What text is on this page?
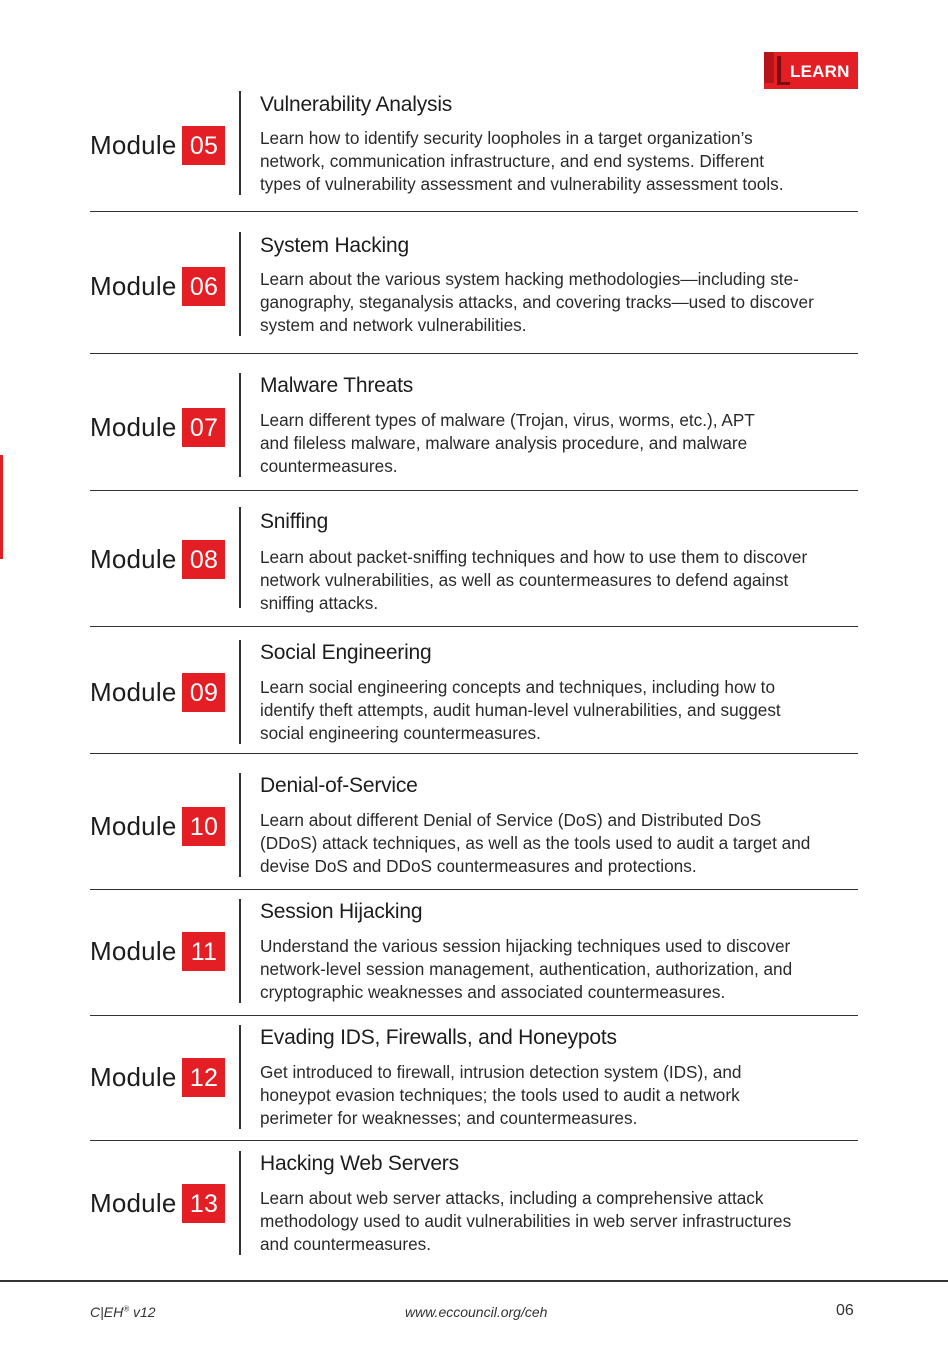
LEARN
Module 05
Vulnerability Analysis

Learn how to identify security loopholes in a target organization’s
network, communication infrastructure, and end systems. Different
types of vulnerability assessment and vulnerability assessment tools.

Module 06
System Hacking

Learn about the various system hacking methodologies—including ste-
ganography, steganalysis attacks, and covering tracks—used to discover
system and network vulnerabilities.

Module 07
Malware Threats

Learn different types of malware (Trojan, virus, worms, etc.), APT
and fileless malware, malware analysis procedure, and malware
countermeasures.

Module 08
Sniffing

Learn about packet-sniffing techniques and how to use them to discover
network vulnerabilities, as well as countermeasures to defend against
sniffing attacks.

Module 09
Social Engineering

Learn social engineering concepts and techniques, including how to
identify theft attempts, audit human-level vulnerabilities, and suggest
social engineering countermeasures.

Module 10
Denial-of-Service

Learn about different Denial of Service (DoS) and Distributed DoS
(DDoS) attack techniques, as well as the tools used to audit a target and
devise DoS and DDoS countermeasures and protections.

Module 11
Session Hijacking

Understand the various session hijacking techniques used to discover
network-level session management, authentication, authorization, and
cryptographic weaknesses and associated countermeasures.

Module 12
Evading IDS, Firewalls, and Honeypots

Get introduced to firewall, intrusion detection system (IDS), and
honeypot evasion techniques; the tools used to audit a network
perimeter for weaknesses; and countermeasures.

Module 13
Hacking Web Servers

Learn about web server attacks, including a comprehensive attack
methodology used to audit vulnerabilities in web server infrastructures
and countermeasures.

C|EH® v12	www.eccouncil.org/ceh	06
